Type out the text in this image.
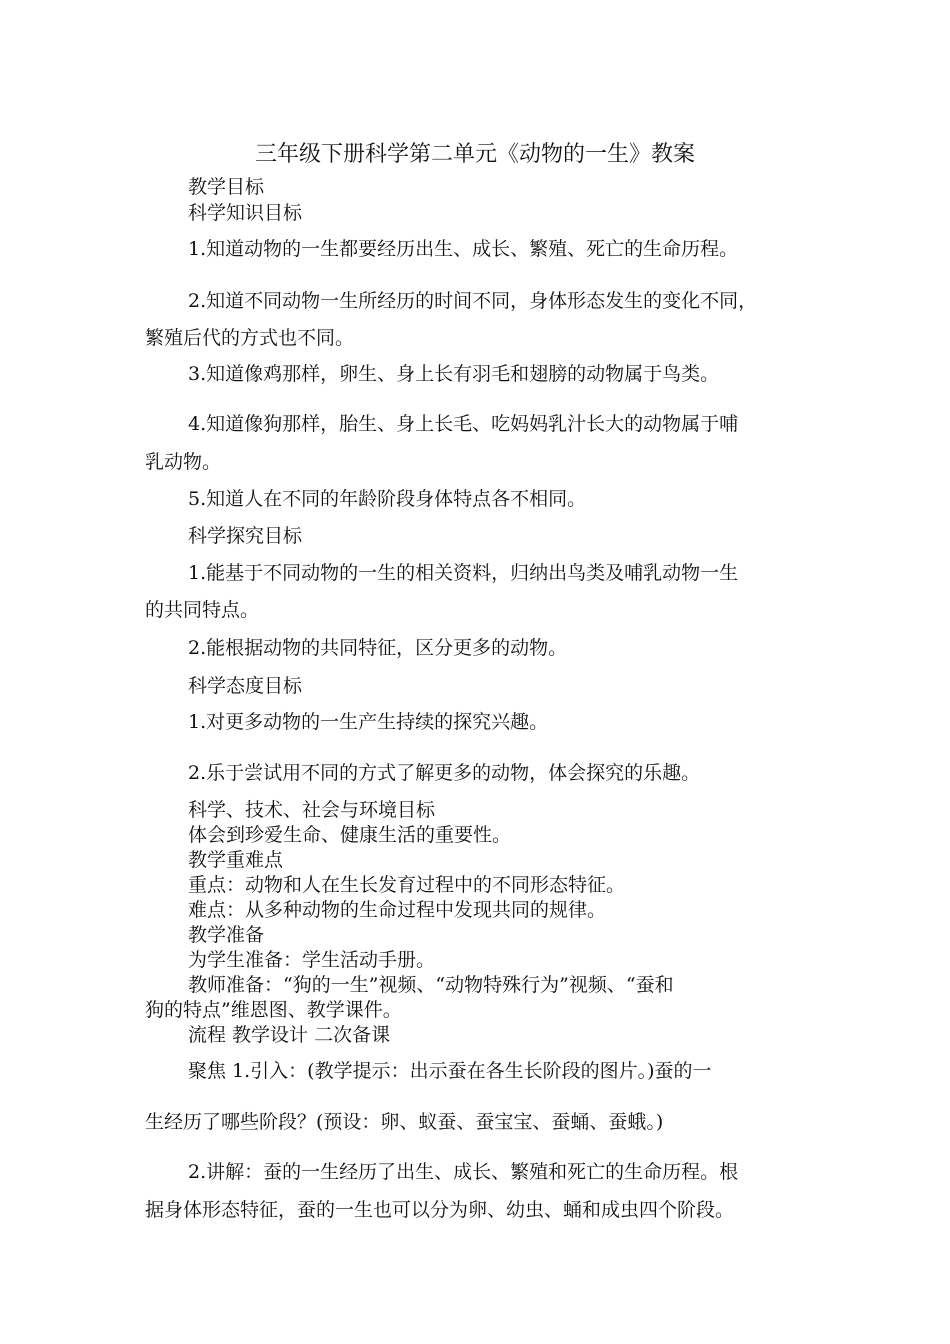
三年级下册科学第二单元《动物的一生》教案
教学目标
科学知识目标
1.知道动物的一生都要经历出生、成长、繁殖、死亡的生命历程。
2.知道不同动物一生所经历的时间不同，身体形态发生的变化不同，
繁殖后代的方式也不同。
3.知道像鸡那样，卵生、身上长有羽毛和翅膀的动物属于鸟类。
4.知道像狗那样，胎生、身上长毛、吃妈妈乳汁长大的动物属于哺
乳动物。
5.知道人在不同的年龄阶段身体特点各不相同。
科学探究目标
1.能基于不同动物的一生的相关资料，归纳出鸟类及哺乳动物一生
的共同特点。
2.能根据动物的共同特征，区分更多的动物。
科学态度目标
1.对更多动物的一生产生持续的探究兴趣。
2.乐于尝试用不同的方式了解更多的动物，体会探究的乐趣。
科学、技术、社会与环境目标
体会到珍爱生命、健康生活的重要性。
教学重难点
重点：动物和人在生长发育过程中的不同形态特征。
难点：从多种动物的生命过程中发现共同的规律。
教学准备
为学生准备：学生活动手册。
教师准备：“狗的一生”视频、“动物特殊行为”视频、“蚕和
狗的特点”维恩图、教学课件。
流程 教学设计 二次备课
聚焦 1.引入：(教学提示：出示蚕在各生长阶段的图片。)蚕的一
生经历了哪些阶段？(预设：卵、蚁蚕、蚕宝宝、蚕蛹、蚕蛾。)
2.讲解：蚕的一生经历了出生、成长、繁殖和死亡的生命历程。根
据身体形态特征，蚕的一生也可以分为卵、幼虫、蛹和成虫四个阶段。
